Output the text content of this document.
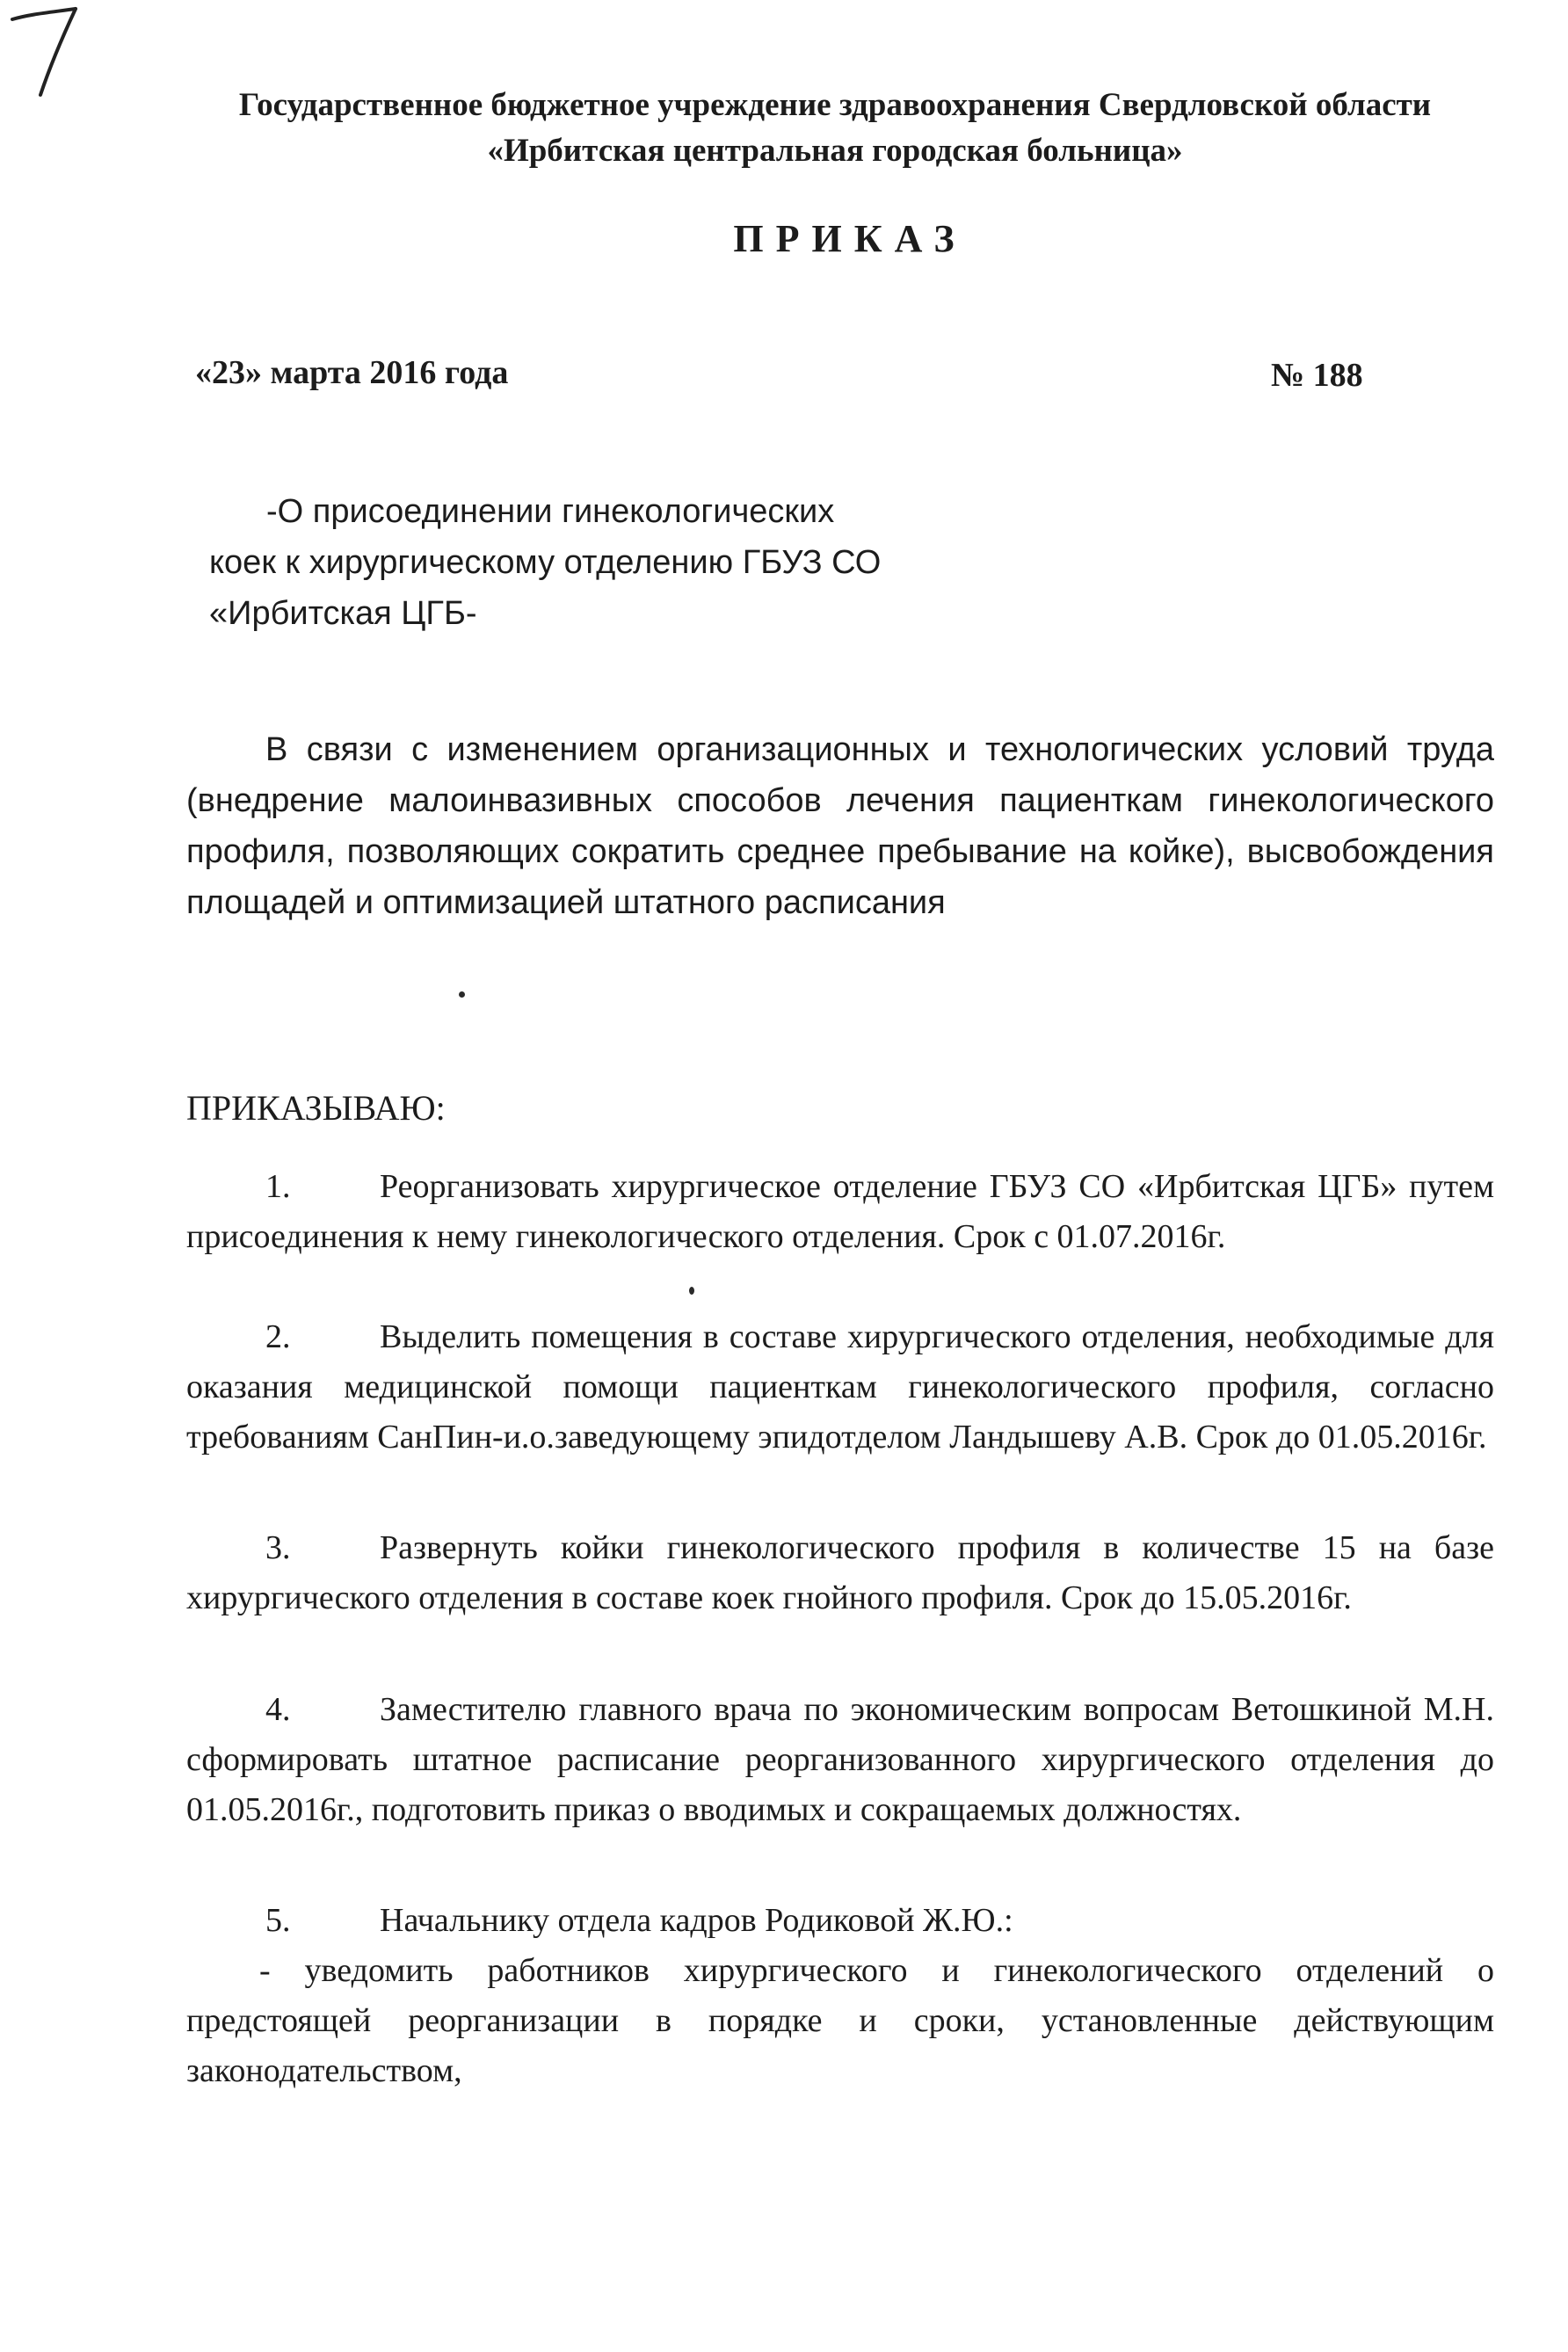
Государственное бюджетное учреждение здравоохранения Свердловской области
«Ирбитская центральная городская больница»
ПРИКАЗ
«23» марта 2016 года	№ 188
-О присоединении гинекологических
коек к хирургическому отделению ГБУЗ СО
«Ирбитская ЦГБ-
В связи с изменением организационных и технологических условий труда (внедрение малоинвазивных способов лечения пациенткам гинекологического профиля, позволяющих сократить среднее пребывание на койке), высвобождения площадей и оптимизацией штатного расписания
ПРИКАЗЫВАЮ:
1.	Реорганизовать хирургическое отделение ГБУЗ СО «Ирбитская ЦГБ» путем присоединения к нему гинекологического отделения. Срок с 01.07.2016г.
2.	Выделить помещения в составе хирургического отделения, необходимые для оказания медицинской помощи пациенткам гинекологического профиля, согласно требованиям СанПин-и.о.заведующему эпидотделом Ландышеву А.В. Срок до 01.05.2016г.
3.	Развернуть койки гинекологического профиля в количестве 15 на базе хирургического отделения в составе коек гнойного профиля. Срок до 15.05.2016г.
4.	Заместителю главного врача по экономическим вопросам Ветошкиной М.Н. сформировать штатное расписание реорганизованного хирургического отделения до 01.05.2016г., подготовить приказ о вводимых и сокращаемых должностях.
5.	Начальнику отдела кадров Родиковой Ж.Ю.:
- уведомить работников хирургического и гинекологического отделений о предстоящей реорганизации в порядке и сроки, установленные действующим законодательством,
